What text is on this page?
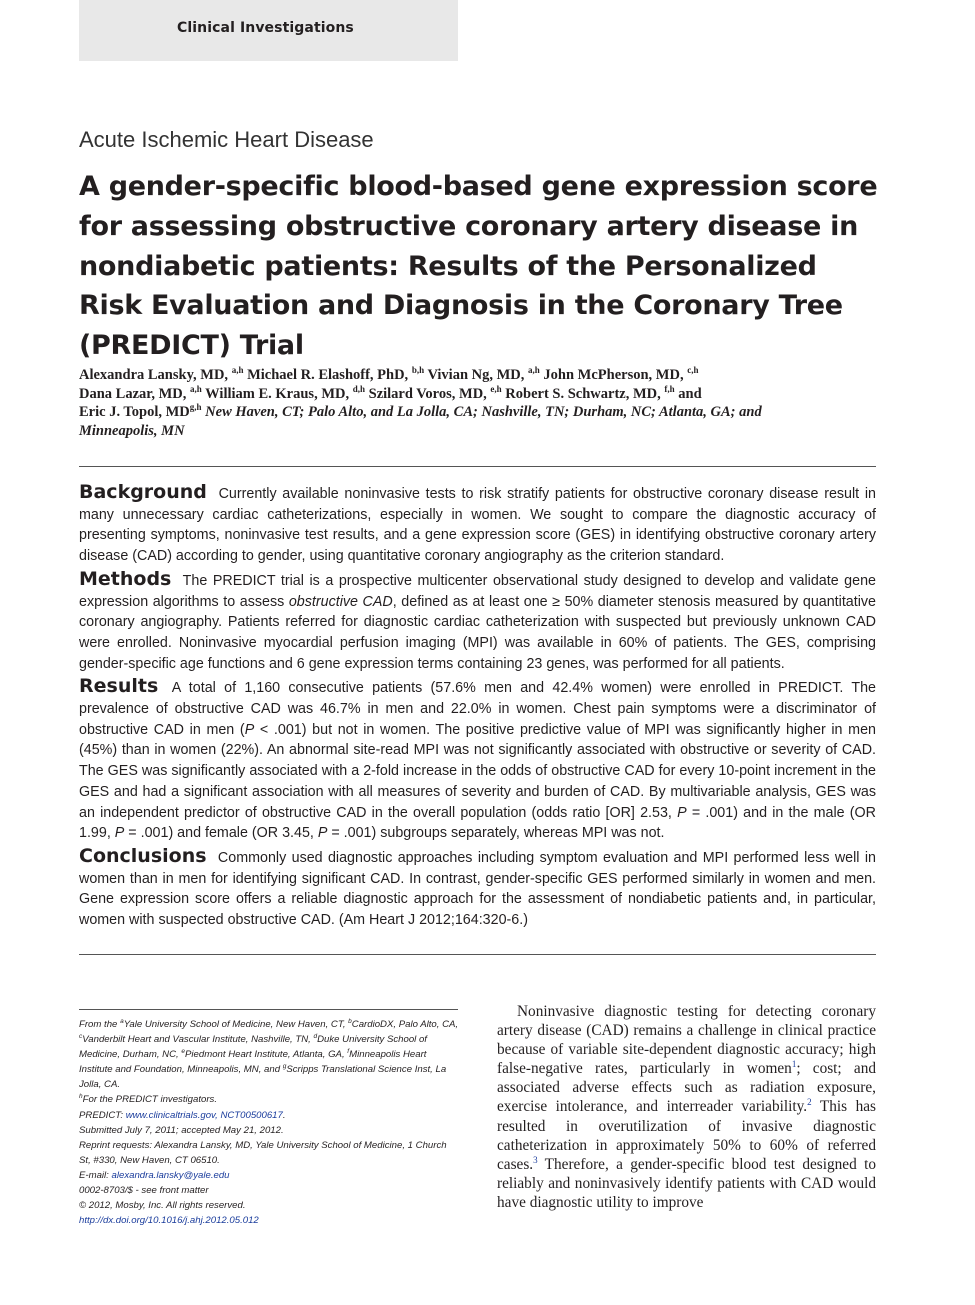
Clinical Investigations
Acute Ischemic Heart Disease
A gender-specific blood-based gene expression score for assessing obstructive coronary artery disease in nondiabetic patients: Results of the Personalized Risk Evaluation and Diagnosis in the Coronary Tree (PREDICT) Trial
Alexandra Lansky, MD, $^{a,h}$ Michael R. Elashoff, PhD, $^{b,h}$ Vivian Ng, MD, $^{a,h}$ John McPherson, MD, $^{c,h}$
Dana Lazar, MD, $^{a,h}$ William E. Kraus, MD, $^{d,h}$ Szilard Voros, MD, $^{e,h}$ Robert S. Schwartz, MD, $^{f,h}$ and
Eric J. Topol, MD$^{g,h}$ New Haven, CT; Palo Alto, and La Jolla, CA; Nashville, TN; Durham, NC; Atlanta, GA; and Minneapolis, MN

Background Currently available noninvasive tests to risk stratify patients for obstructive coronary disease result in many unnecessary cardiac catheterizations, especially in women. We sought to compare the diagnostic accuracy of presenting symptoms, noninvasive test results, and a gene expression score (GES) in identifying obstructive coronary artery disease (CAD) according to gender, using quantitative coronary angiography as the criterion standard.

Methods The PREDICT trial is a prospective multicenter observational study designed to develop and validate gene expression algorithms to assess obstructive CAD, defined as at least one ≥ 50% diameter stenosis measured by quantitative coronary angiography. Patients referred for diagnostic cardiac catheterization with suspected but previously unknown CAD were enrolled. Noninvasive myocardial perfusion imaging (MPI) was available in 60% of patients. The GES, comprising gender-specific age functions and 6 gene expression terms containing 23 genes, was performed for all patients.

Results A total of 1,160 consecutive patients (57.6% men and 42.4% women) were enrolled in PREDICT. The prevalence of obstructive CAD was 46.7% in men and 22.0% in women. Chest pain symptoms were a discriminator of obstructive CAD in men (P < .001) but not in women. The positive predictive value of MPI was significantly higher in men (45%) than in women (22%). An abnormal site-read MPI was not significantly associated with obstructive or severity of CAD. The GES was significantly associated with a 2-fold increase in the odds of obstructive CAD for every 10-point increment in the GES and had a significant association with all measures of severity and burden of CAD. By multivariable analysis, GES was an independent predictor of obstructive CAD in the overall population (odds ratio [OR] 2.53, P = .001) and in the male (OR 1.99, P = .001) and female (OR 3.45, P = .001) subgroups separately, whereas MPI was not.

Conclusions Commonly used diagnostic approaches including symptom evaluation and MPI performed less well in women than in men for identifying significant CAD. In contrast, gender-specific GES performed similarly in women and men. Gene expression score offers a reliable diagnostic approach for the assessment of nondiabetic patients and, in particular, women with suspected obstructive CAD. (Am Heart J 2012;164:320-6.)

From the $^a$Yale University School of Medicine, New Haven, CT, $^b$CardioDX, Palo Alto, CA, $^c$Vanderbilt Heart and Vascular Institute, Nashville, TN, $^d$Duke University School of Medicine, Durham, NC, $^e$Piedmont Heart Institute, Atlanta, GA, $^f$Minneapolis Heart Institute and Foundation, Minneapolis, MN, and $^g$Scripps Translational Science Inst, La Jolla, CA.
$^h$For the PREDICT investigators.
PREDICT: www.clinicaltrials.gov, NCT00500617.
Submitted July 7, 2011; accepted May 21, 2012.
Reprint requests: Alexandra Lansky, MD, Yale University School of Medicine, 1 Church St, #330, New Haven, CT 06510.
E-mail: alexandra.lansky@yale.edu
0002-8703/$ - see front matter
© 2012, Mosby, Inc. All rights reserved.
http://dx.doi.org/10.1016/j.ahj.2012.05.012

Noninvasive diagnostic testing for detecting coronary artery disease (CAD) remains a challenge in clinical practice because of variable site-dependent diagnostic accuracy; high false-negative rates, particularly in women$^1$; cost; and associated adverse effects such as radiation exposure, exercise intolerance, and interreader variability.$^2$ This has resulted in overutilization of invasive diagnostic catheterization in approximately 50% to 60% of referred cases.$^3$ Therefore, a gender-specific blood test designed to reliably and noninvasively identify patients with CAD would have diagnostic utility to improve
